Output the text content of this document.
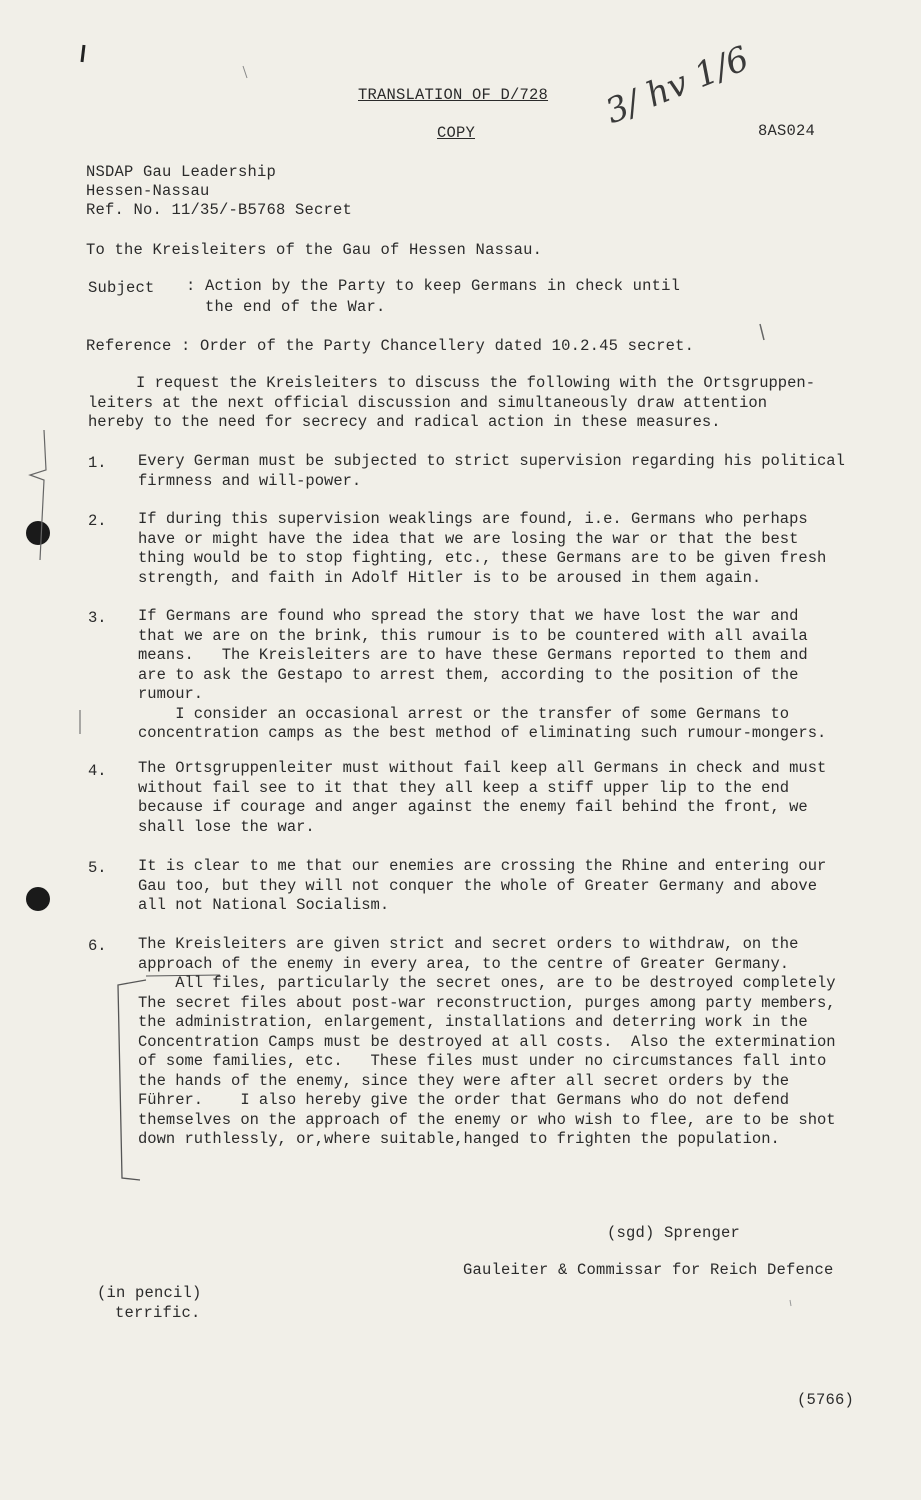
TRANSLATION OF D/728
COPY	8AS024
3/ hv 1/6
NSDAP Gau Leadership
Hessen-Nassau
Ref. No. 11/35/-B5768 Secret
To the Kreisleiters of the Gau of Hessen Nassau.
Subject : Action by the Party to keep Germans in check until
the end of the War.
Reference : Order of the Party Chancellery dated 10.2.45 secret.
I request the Kreisleiters to discuss the following with the Ortsgruppen-
leiters at the next official discussion and simultaneously draw attention
hereby to the need for secrecy and radical action in these measures.
1. Every German must be subjected to strict supervision regarding his political
firmness and will-power.
2. If during this supervision weaklings are found, i.e. Germans who perhaps
have or might have the idea that we are losing the war or that the best
thing would be to stop fighting, etc., these Germans are to be given fresh
strength, and faith in Adolf Hitler is to be aroused in them again.
3. If Germans are found who spread the story that we have lost the war and
that we are on the brink, this rumour is to be countered with all availa
means.   The Kreisleiters are to have these Germans reported to them and
are to ask the Gestapo to arrest them, according to the position of the
rumour.
I consider an occasional arrest or the transfer of some Germans to
concentration camps as the best method of eliminating such rumour-mongers.
4. The Ortsgruppenleiter must without fail keep all Germans in check and must
without fail see to it that they all keep a stiff upper lip to the end
because if courage and anger against the enemy fail behind the front, we
shall lose the war.
5. It is clear to me that our enemies are crossing the Rhine and entering our
Gau too, but they will not conquer the whole of Greater Germany and above
all not National Socialism.
6. The Kreisleiters are given strict and secret orders to withdraw, on the
approach of the enemy in every area, to the centre of Greater Germany.
All files, particularly the secret ones, are to be destroyed completely
The secret files about post-war reconstruction, purges among party members,
the administration, enlargement, installations and deterring work in the
Concentration Camps must be destroyed at all costs.  Also the extermination
of some families, etc.   These files must under no circumstances fall into
the hands of the enemy, since they were after all secret orders by the
Führer.    I also hereby give the order that Germans who do not defend
themselves on the approach of the enemy or who wish to flee, are to be shot
down ruthlessly, or,where suitable,hanged to frighten the population.
(sgd) Sprenger
Gauleiter & Commissar for Reich Defence
(in pencil)
terrific.
(5766)
